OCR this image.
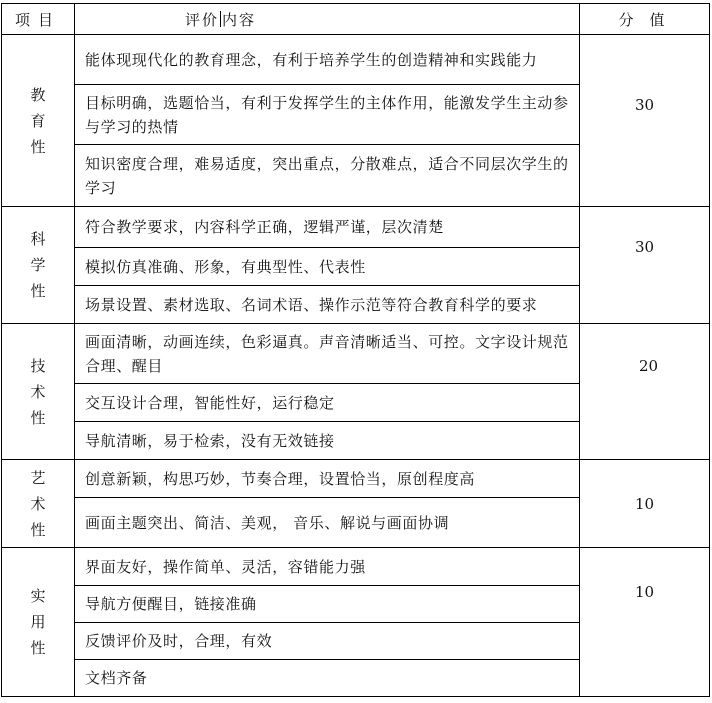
项目	评价 内容	分值
教育性	能体现现代化的教育理念，有利于培养学生的创造精神和实践能力	30

	目标明确，选题恰当，有利于发挥学生的主体作用，能激发学生主动参与学习的热情	
	知识密度合理，难易适度，突出重点，分散难点，适合不同层次学生的学习	
科学性	符合教学要求，内容科学正确，逻辑严谨，层次清楚	30

	模拟仿真准确、形象，有典型性、代表性	
	场景设置、素材选取、名词术语、操作示范等符合教育科学的要求	
技术性	画面清晰，动画连续，色彩逼真。声音清晰适当、可控。文字设计规范合理、醒目	20

	交互设计合理，智能性好，运行稳定	
	导航清晰，易于检索，没有无效链接	
艺术性	创意新颖，构思巧妙，节奏合理，设置恰当，原创程度高	10

	画面主题突出、简洁、美观， 音乐、解说与画面协调	
实用性	界面友好，操作简单、灵活，容错能力强	10

	导航方便醒目，链接准确	
	反馈评价及时，合理，有效	
	文档齐备	
